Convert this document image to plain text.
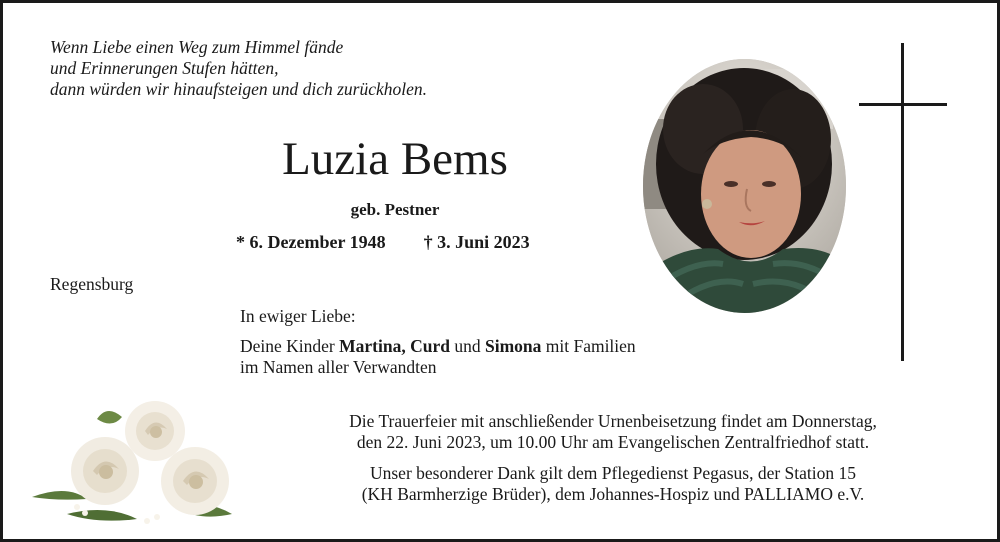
Wenn Liebe einen Weg zum Himmel fände
und Erinnerungen Stufen hätten,
dann würden wir hinaufsteigen und dich zurückholen.
Luzia Bems
geb. Pestner
* 6. Dezember 1948 † 3. Juni 2023
Regensburg
In ewiger Liebe:
Deine Kinder Martina, Curd und Simona mit Familien
im Namen aller Verwandten
Die Trauerfeier mit anschließender Urnenbeisetzung findet am Donnerstag,
den 22. Juni 2023, um 10.00 Uhr am Evangelischen Zentralfriedhof statt.
Unser besonderer Dank gilt dem Pflegedienst Pegasus, der Station 15
(KH Barmherzige Brüder), dem Johannes-Hospiz und PALLIAMO e.V.
